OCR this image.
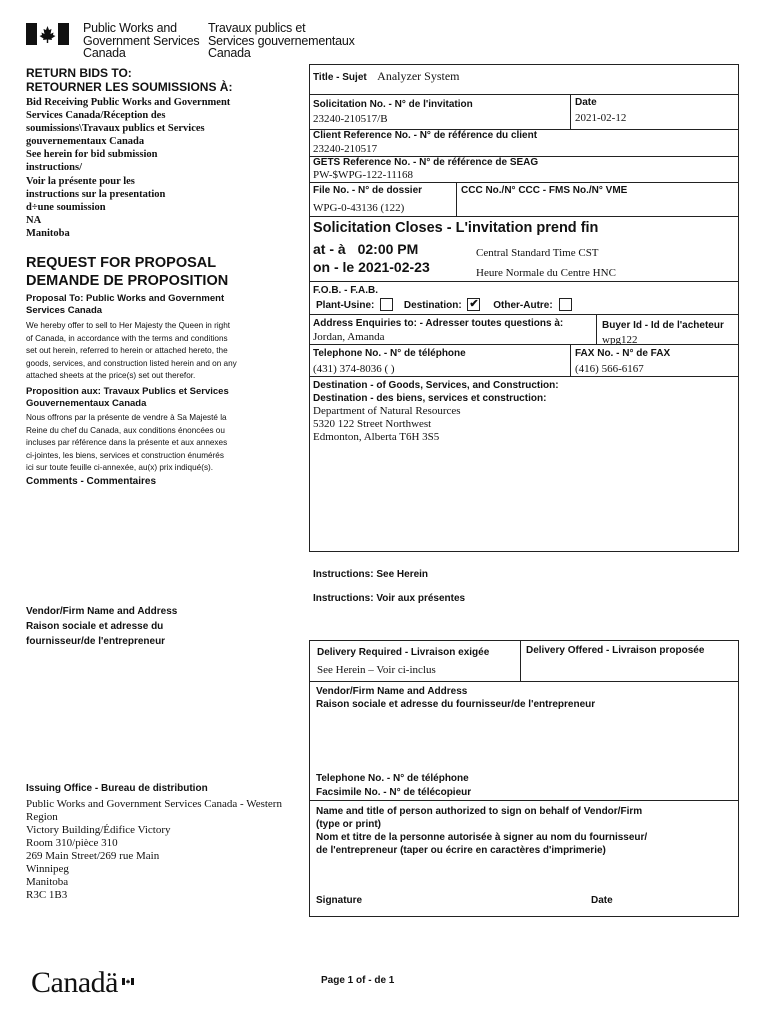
Public Works and
Government Services
Canada
Travaux publics et
Services gouvernementaux
Canada
RETURN BIDS TO:
RETOURNER LES SOUMISSIONS À:
Bid Receiving Public Works and Government
Services Canada/Réception des
soumissions\Travaux publics et Services
gouvernementaux Canada
See herein for bid submission
instructions/
Voir la présente pour les
instructions sur la presentation
d÷une soumission
NA
Manitoba
REQUEST FOR PROPOSAL
DEMANDE DE PROPOSITION
Proposal To: Public Works and Government
Services Canada
We hereby offer to sell to Her Majesty the Queen in right
of Canada, in accordance with the terms and conditions
set out herein, referred to herein or attached hereto, the
goods, services, and construction listed herein and on any
attached sheets at the price(s) set out therefor.
Proposition aux: Travaux Publics et Services
Gouvernementaux Canada
Nous offrons par la présente de vendre à Sa Majesté la
Reine du chef du Canada, aux conditions énoncées ou
incluses par référence dans la présente et aux annexes
ci-jointes, les biens, services et construction énumérés
ici sur toute feuille ci-annexée, au(x) prix indiqué(s).
Comments - Commentaires
Vendor/Firm Name and Address
Raison sociale et adresse du
fournisseur/de l'entrepreneur
Issuing Office - Bureau de distribution
Public Works and Government Services Canada - Western
Region
Victory Building/Édifice Victory
Room 310/pièce 310
269 Main Street/269 rue Main
Winnipeg
Manitoba
R3C 1B3
Title - Sujet Analyzer System
Solicitation No. - N° de l'invitation
23240-210517/B
Date
2021-02-12
Client Reference No. - N° de référence du client
23240-210517
GETS Reference No. - N° de référence de SEAG
PW-$WPG-122-11168
File No. - N° de dossier
WPG-0-43136 (122)
CCC No./N° CCC - FMS No./N° VME
Solicitation Closes - L'invitation prend fin
at - à 02:00 PM
on - le 2021-02-23
Central Standard Time CST
Heure Normale du Centre HNC
F.O.B. - F.A.B.
Plant-Usine:	Destination: ✔ Other-Autre:
Address Enquiries to: - Adresser toutes questions à:
Jordan, Amanda
Buyer Id - Id de l'acheteur
wpg122
Telephone No. - N° de téléphone
(431) 374-8036 ( )
FAX No. - N° de FAX
(416) 566-6167
Destination - of Goods, Services, and Construction:
Destination - des biens, services et construction:
Department of Natural Resources
5320 122 Street Northwest
Edmonton, Alberta T6H 3S5
Instructions: See Herein
Instructions: Voir aux présentes
Delivery Required - Livraison exigée
See Herein – Voir ci-inclus
Delivery Offered - Livraison proposée
Vendor/Firm Name and Address
Raison sociale et adresse du fournisseur/de l'entrepreneur
Telephone No. - N° de téléphone
Facsimile No. - N° de télécopieur
Name and title of person authorized to sign on behalf of Vendor/Firm
(type or print)
Nom et titre de la personne autorisée à signer au nom du fournisseur/
de l'entrepreneur (taper ou écrire en caractères d'imprimerie)
Signature	Date
Canadä	Page 1 of - de 1
